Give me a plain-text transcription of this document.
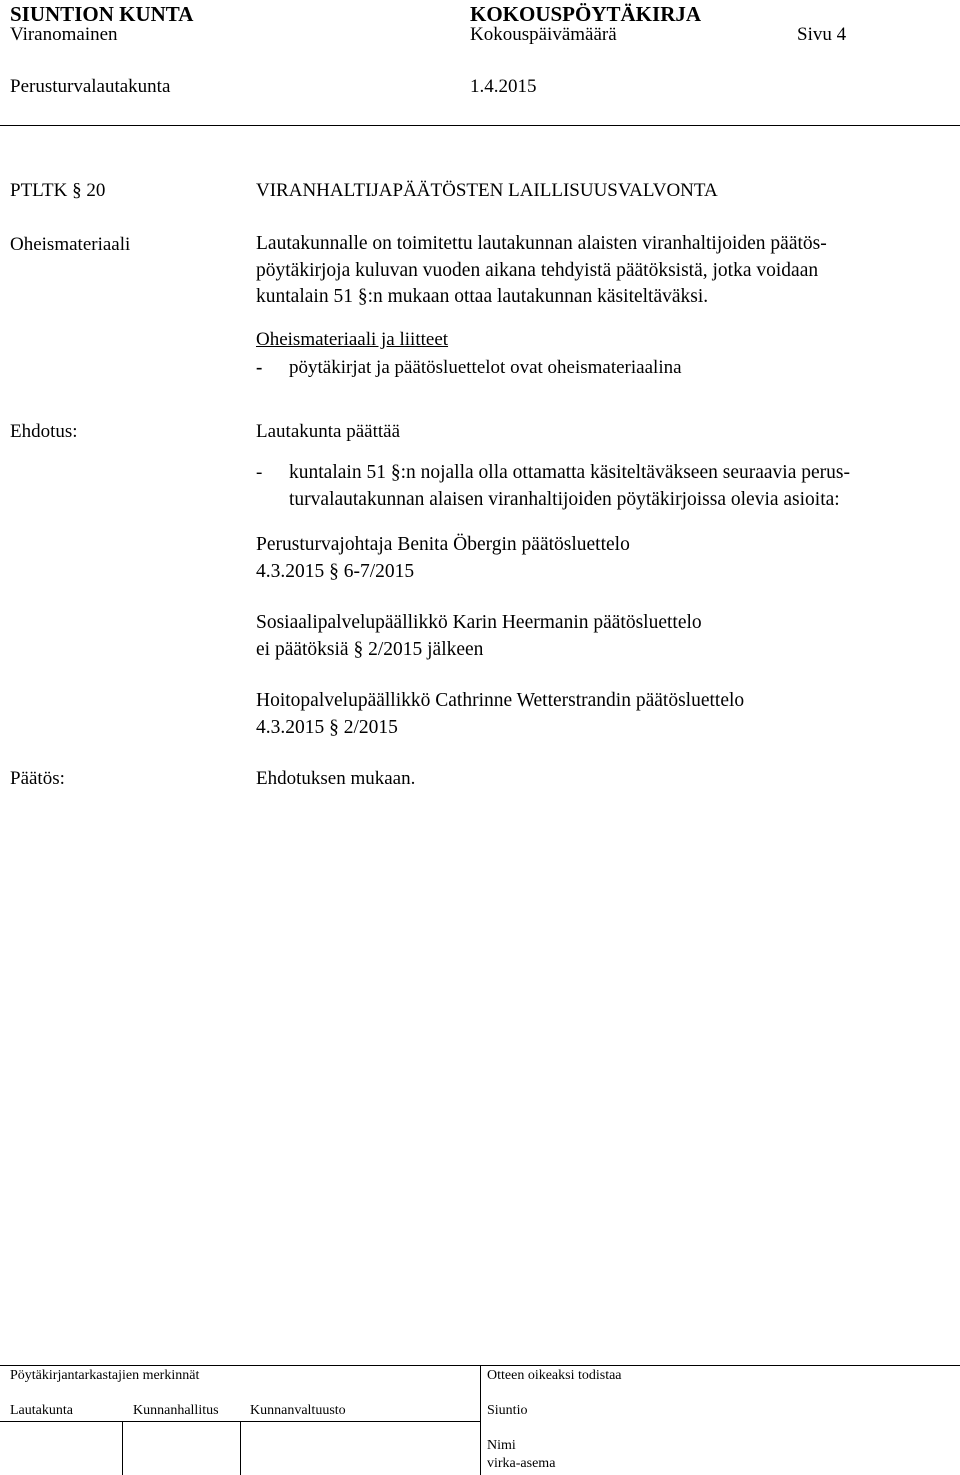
SIUNTION KUNTA	KOKOUSPÖYTÄKIRJA
Viranomainen	Kokouspäivämäärä	Sivu 4
Perusturvalautakunta	1.4.2015
PTLTK § 20	VIRANHALTIJAPÄÄTÖSTEN LAILLISUUSVALVONTA
Oheismateriaali	Lautakunnalle on toimitettu lautakunnan alaisten viranhaltijoiden päätös-
pöytäkirjoja kuluvan vuoden aikana tehdyistä päätöksistä, jotka voidaan
kuntalain 51 §:n mukaan ottaa lautakunnan käsiteltäväksi.
Oheismateriaali ja liitteet
- pöytäkirjat ja päätösluettelot ovat oheismateriaalina
Ehdotus:	Lautakunta päättää
- kuntalain 51 §:n nojalla olla ottamatta käsiteltäväkseen seuraavia perus-
turvalautakunnan alaisen viranhaltijoiden pöytäkirjoissa olevia asioita:
Perusturvajohtaja Benita Öbergin päätösluettelo
4.3.2015 § 6-7/2015
Sosiaalipalvelupäällikkö Karin Heermanin päätösluettelo
ei päätöksiä § 2/2015 jälkeen
Hoitopalvelupäällikkö Cathrinne Wetterstrandin päätösluettelo
4.3.2015 § 2/2015
Päätös:	Ehdotuksen mukaan.
Pöytäkirjantarkastajien merkinnät	Otteen oikeaksi todistaa
Lautakunta	Kunnanhallitus Kunnanvaltuusto	Siuntio
Nimi
virka-asema
